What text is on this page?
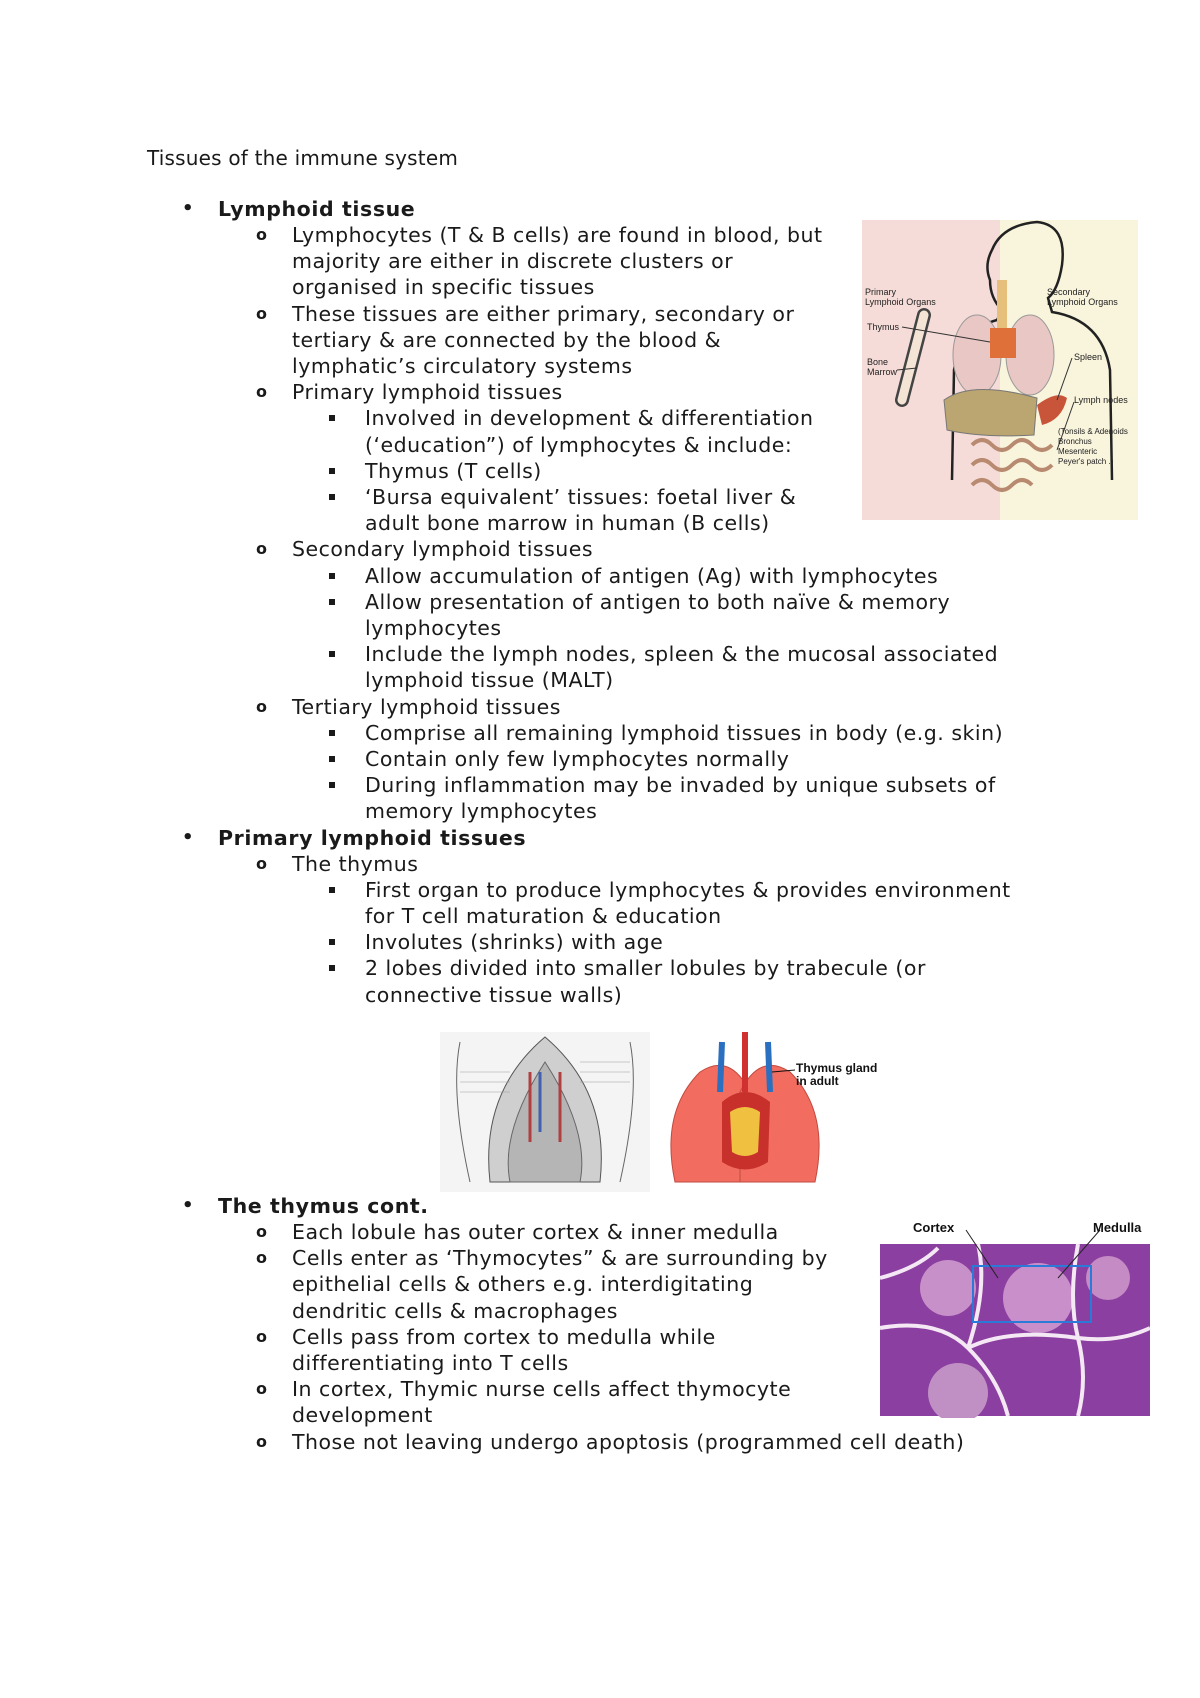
Tissues of the immune system
• Lymphoid tissue
o Lymphocytes (T & B cells) are found in blood, but
majority are either in discrete clusters or
organised in specific tissues
o These tissues are either primary, secondary or
tertiary & are connected by the blood &
lymphatic’s circulatory systems
o Primary lymphoid tissues
Involved in development & differentiation
(‘education”) of lymphocytes & include:
Thymus (T cells)
‘Bursa equivalent’ tissues: foetal liver &
adult bone marrow in human (B cells)
o Secondary lymphoid tissues
Allow accumulation of antigen (Ag) with lymphocytes
Allow presentation of antigen to both naïve & memory
lymphocytes
Include the lymph nodes, spleen & the mucosal associated
lymphoid tissue (MALT)
o Tertiary lymphoid tissues
Comprise all remaining lymphoid tissues in body (e.g. skin)
Contain only few lymphocytes normally
During inflammation may be invaded by unique subsets of
memory lymphocytes
• Primary lymphoid tissues
o The thymus
First organ to produce lymphocytes & provides environment
for T cell maturation & education
Involutes (shrinks) with age
2 lobes divided into smaller lobules by trabecule (or
connective tissue walls)
• The thymus cont.
o Each lobule has outer cortex & inner medulla
o Cells enter as ‘Thymocytes” & are surrounding by
epithelial cells & others e.g. interdigitating
dendritic cells & macrophages
o Cells pass from cortex to medulla while
differentiating into T cells
o In cortex, Thymic nurse cells affect thymocyte
development
o Those not leaving undergo apoptosis (programmed cell death)
Primary
Lymphoid Organs
Secondary
Lymphoid Organs
Thymus
Bone
Marrow
Spleen
Lymph nodes
(Tonsils & Adenoids
Bronchus
Mesenteric
Peyer's patch .)
Thymus gland
in adult
Cortex	Medulla
